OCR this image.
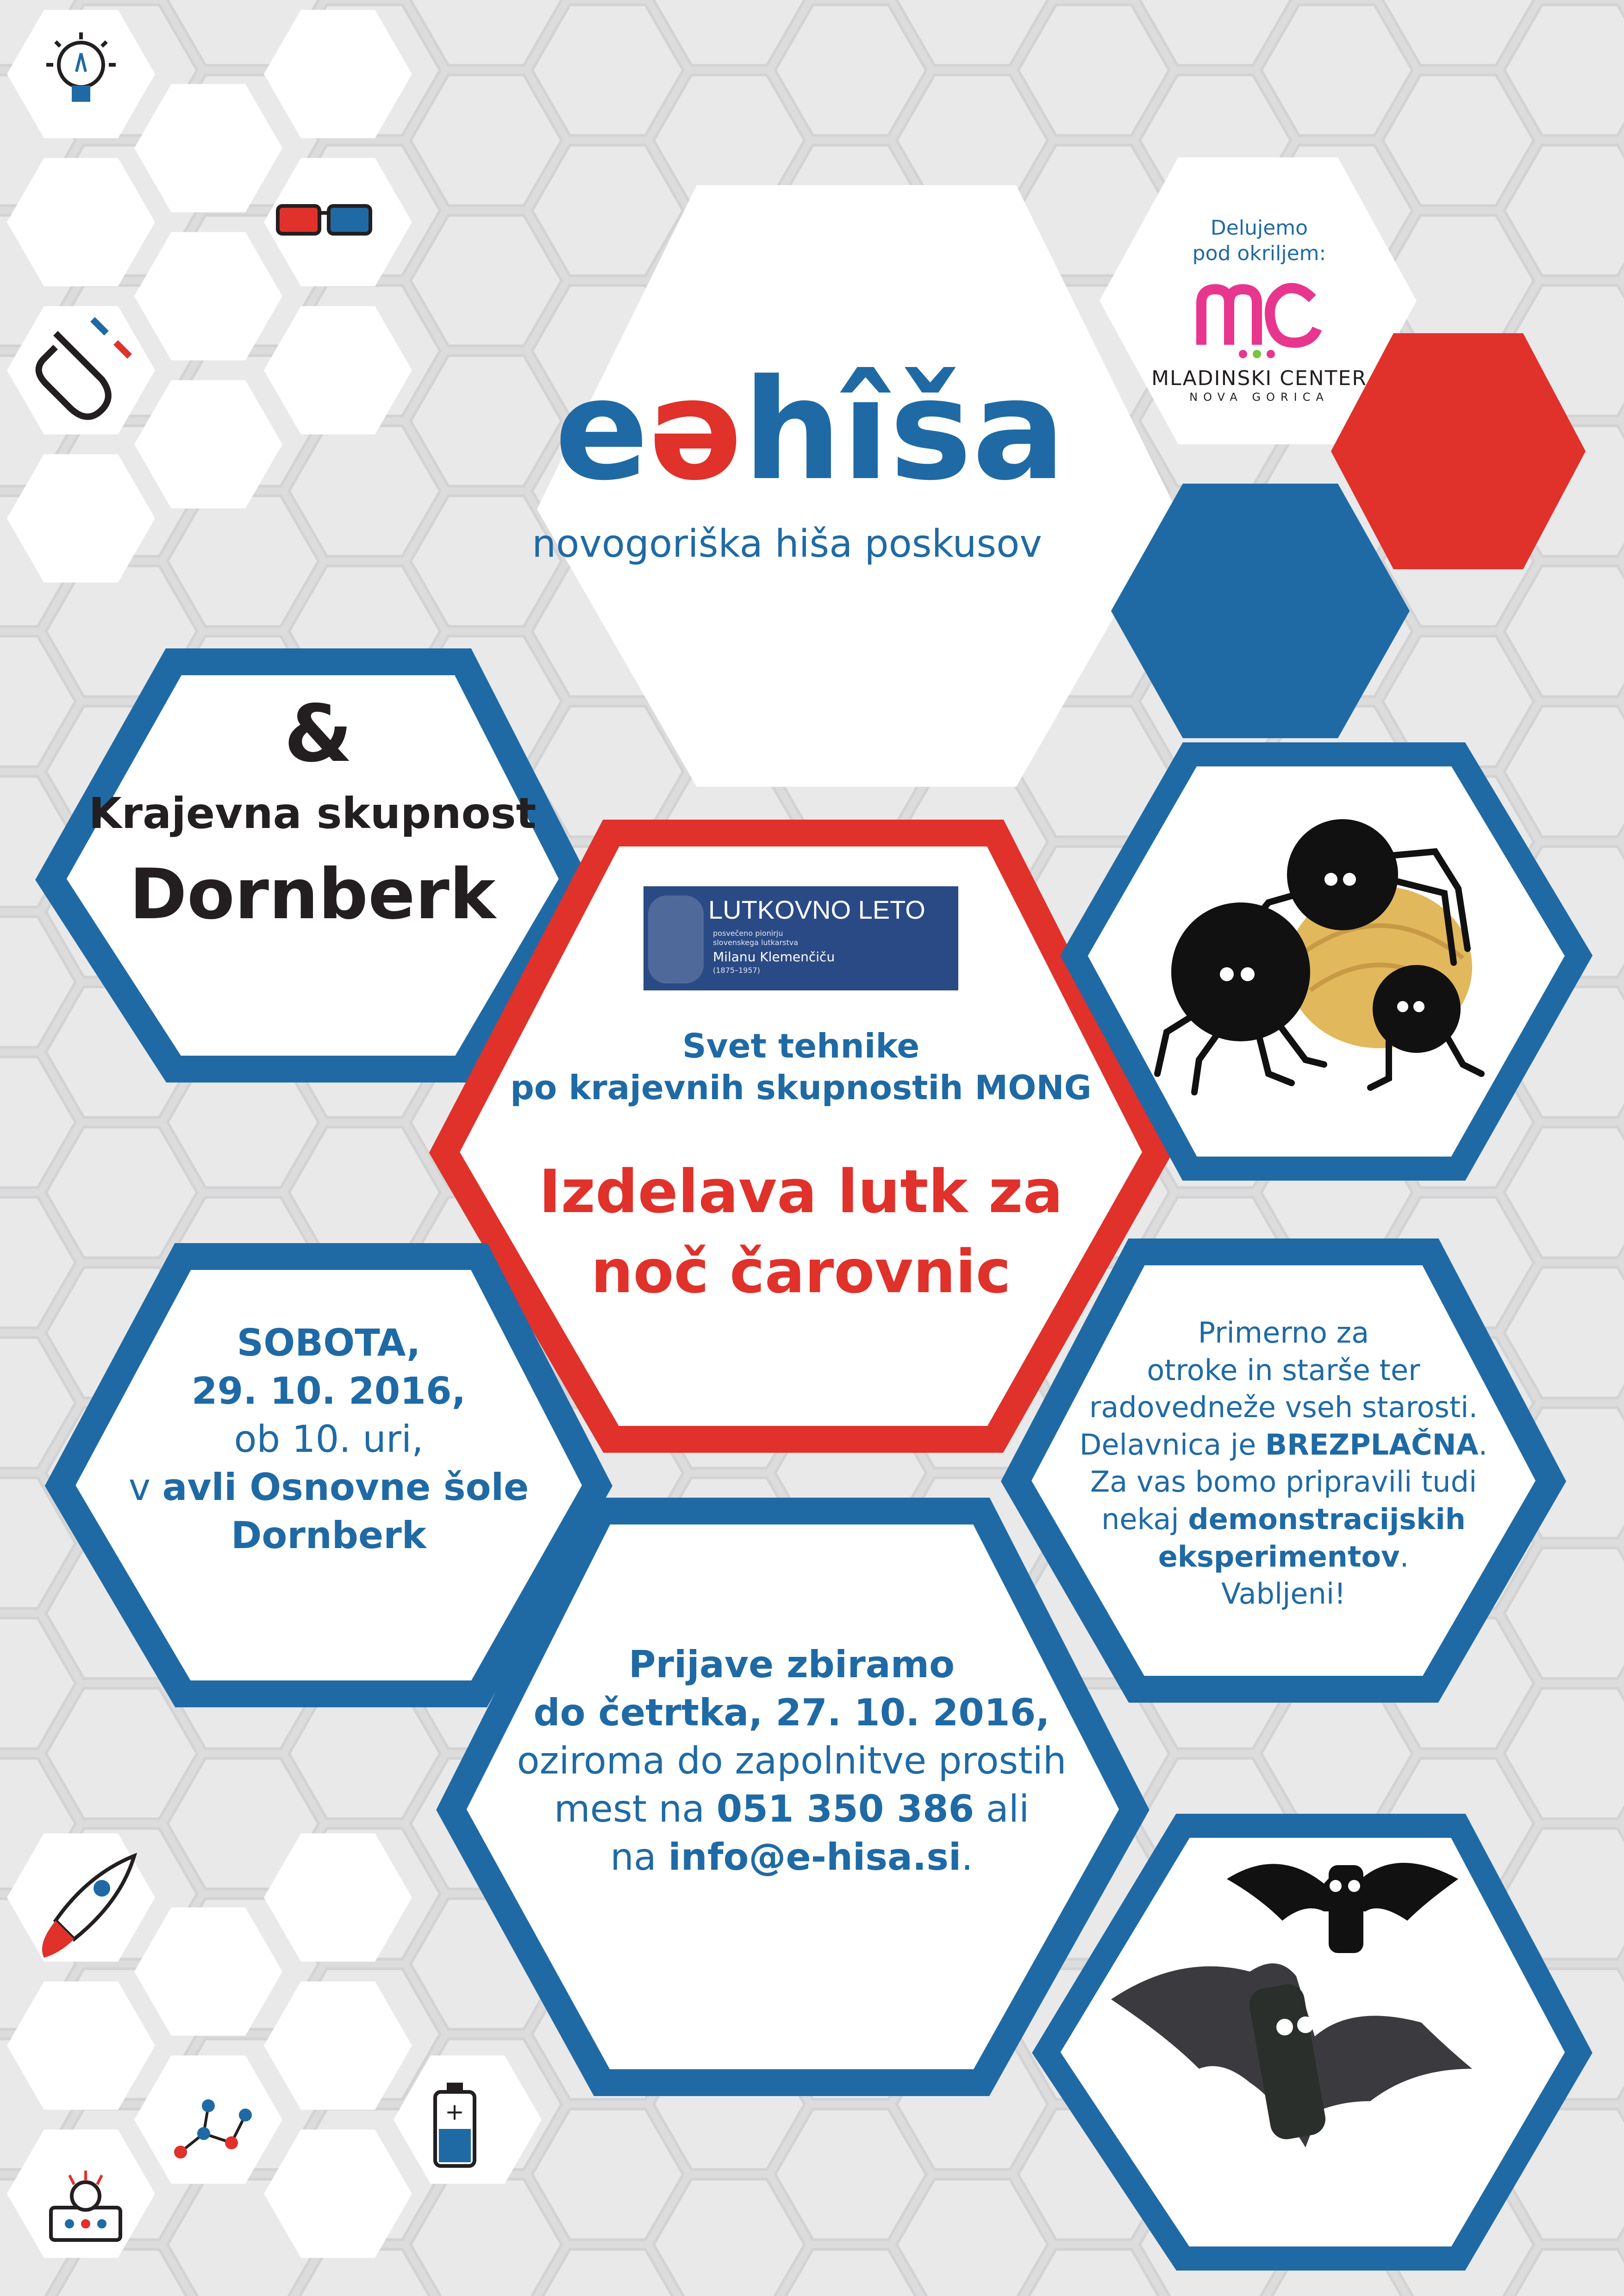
+
eəhîša
novogoriška hiša poskusov
Delujemo
pod okriljem:
MLADINSKI CENTER
NOVA GORICA
&
Krajevna skupnost
Dornberk	LUTKOVNO LETO
posvečeno pionirju
slovenskega lutkarstva
Milanu Klemenčiču
(1875–1957)
Svet tehnike
po krajevnih skupnostih MONG
Izdelava lutk za
noč čarovnic
SOBOTA,
29. 10. 2016,
ob 10. uri,
v avli Osnovne šole
Dornberk
Primerno za
otroke in starše ter
radovedneže vseh starosti.
Delavnica je BREZPLAČNA.
Za vas bomo pripravili tudi
nekaj demonstracijskih
eksperimentov.
Vabljeni!
Prijave zbiramo
do četrtka, 27. 10. 2016,
oziroma do zapolnitve prostih
mest na 051 350 386 ali
na info@e-hisa.si.
